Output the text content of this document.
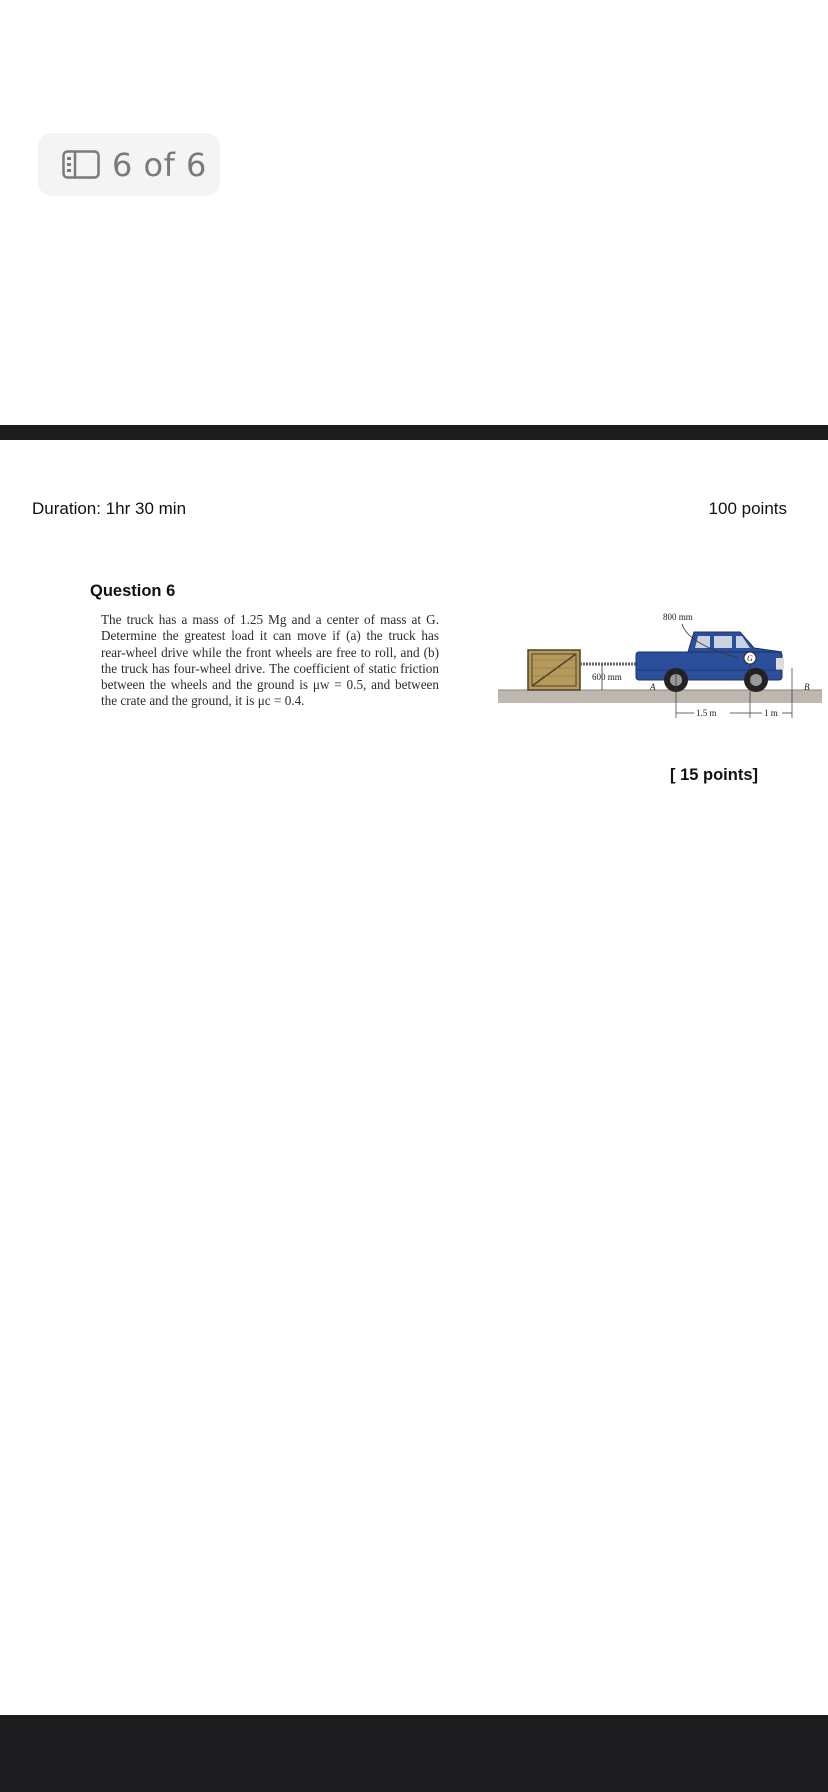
6 of 6
Duration: 1hr 30 min	100 points
Question 6
The truck has a mass of 1.25 Mg and a center of mass at G. Determine the greatest load it can move if (a) the truck has rear-wheel drive while the front wheels are free to roll, and (b) the truck has four-wheel drive. The coefficient of static friction between the wheels and the ground is μw = 0.5, and between the crate and the ground, it is μc = 0.4.
600 mm
G
800 mm
A	B
1.5 m	1 m
[ 15 points]
